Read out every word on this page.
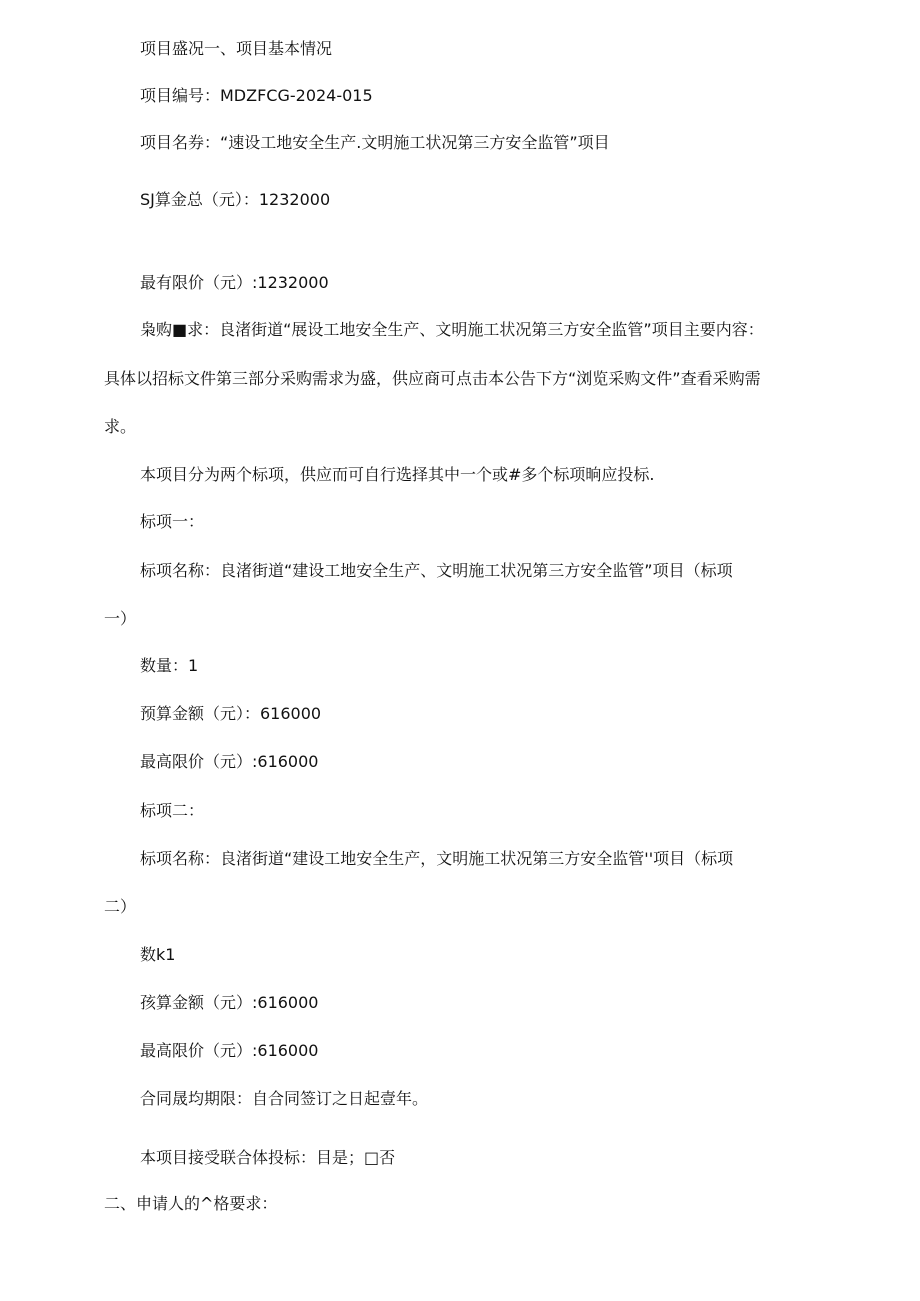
项目盛况一、项目基本情况

项目编号：MDZFCG-2024-015

项目名券：“速设工地安全生产.文明施工状况第三方安全监管”项目

SJ算金总（元）：1232000

最有限价（元）:1232000

枭购■求：良渚街道“展设工地安全生产、文明施工状况第三方安全监管”项目主要内容：

具体以招标文件第三部分采购需求为盛，供应商可点击本公告下方“浏览采购文件”查看采购需

求。

本项目分为两个标项，供应而可自行选择其中一个或#多个标项晌应投标.

标项一：

标项名称：良渚街道“建设工地安全生产、文明施工状况第三方安全监管”项目（标项

一）

数量：1

预算金额（元）：616000

最高限价（元）:616000

标项二：

标项名称：良渚街道“建设工地安全生产，文明施工状况第三方安全监管''项目（标项

二）

数k1

孩算金额（元）:616000

最高限价（元）:616000

合同晟均期限：自合同签订之日起壹年。

本项目接受联合体投标：目是；□否

二、申请人的^格要求：
